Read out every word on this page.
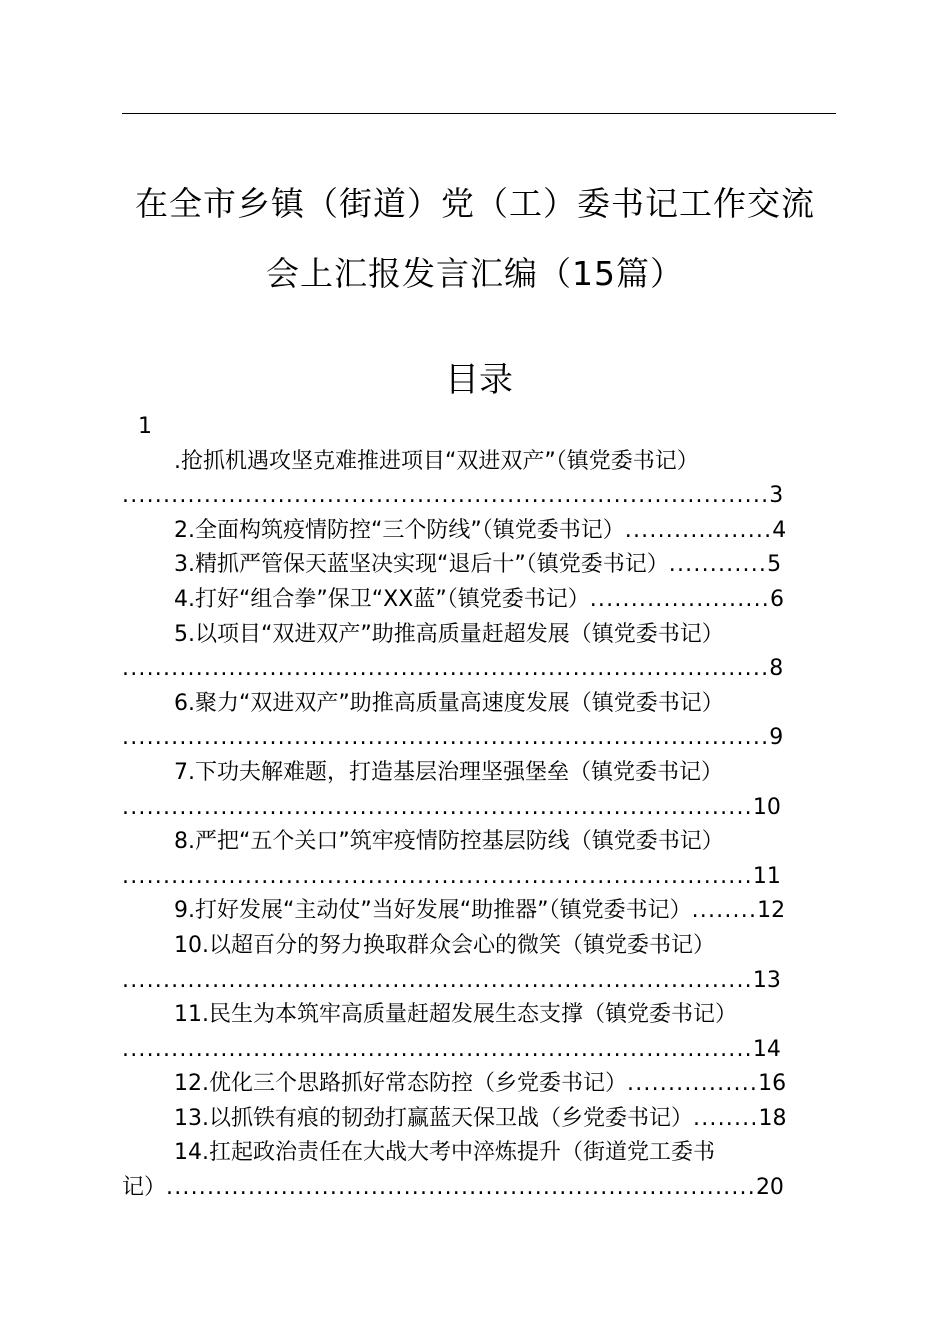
在全市乡镇（街道）党（工）委书记工作交流
会上汇报发言汇编（15篇）
目录
1
.抢抓机遇攻坚克难推进项目“双进双产”（镇党委书记）
............................................................................... 3
2.全面构筑疫情防控“三个防线”（镇党委书记） .................. 4
3.精抓严管保天蓝坚决实现“退后十”（镇党委书记） ............ 5
4.打好“组合拳”保卫“XX蓝”（镇党委书记） ...................... 6
5.以项目“双进双产”助推高质量赶超发展（镇党委书记）
............................................................................... 8
6.聚力“双进双产”助推高质量高速度发展（镇党委书记）
............................................................................... 9
7.下功夫解难题，打造基层治理坚强堡垒（镇党委书记）
............................................................................. 10
8.严把“五个关口”筑牢疫情防控基层防线（镇党委书记）
............................................................................. 11
9.打好发展“主动仗”当好发展“助推器”（镇党委书记） ........ 12
10.以超百分的努力换取群众会心的微笑（镇党委书记）
............................................................................. 13
11.民生为本筑牢高质量赶超发展生态支撑（镇党委书记）
............................................................................. 14
12.优化三个思路抓好常态防控（乡党委书记） ................ 16
13.以抓铁有痕的韧劲打赢蓝天保卫战（乡党委书记） ........ 18
14.扛起政治责任在大战大考中淬炼提升（街道党工委书
记） ........................................................................ 20
